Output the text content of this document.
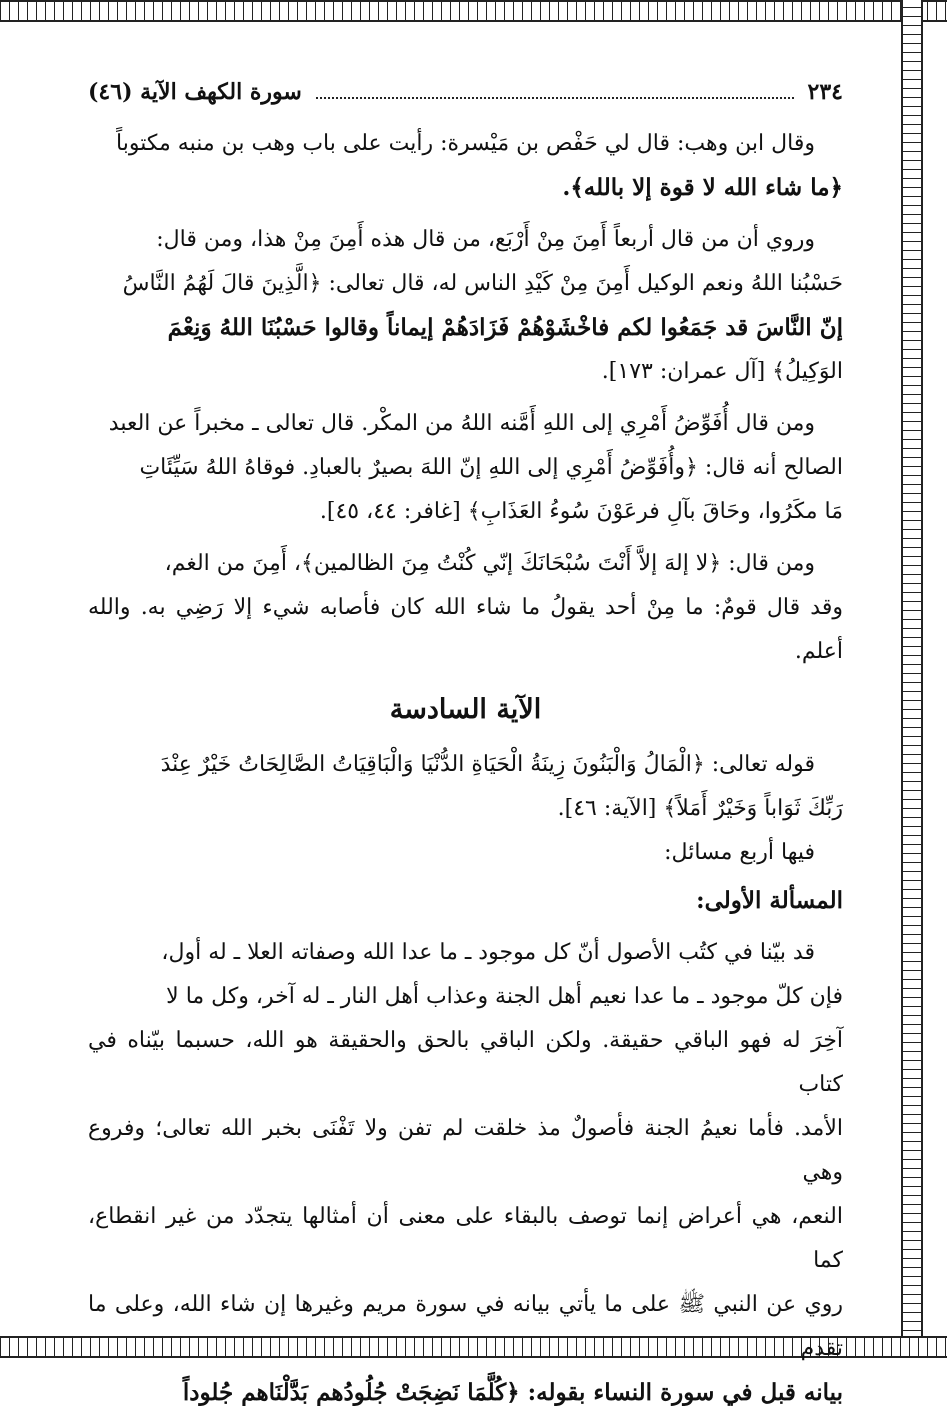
٢٣٤
سورة الكهف الآية (٤٦)

وقال ابن وهب: قال لي حَفْص بن مَيْسرة: رأيت على باب وهب بن منبه مكتوباً

﴿ما شاء الله لا قوة إلا بالله﴾.

وروي أن من قال أربعاً أَمِنَ مِنْ أَرْبَع، من قال هذه أَمِنَ مِنْ هذا، ومن قال:

حَسْبُنا اللهُ ونعم الوكيل أَمِنَ مِنْ كَيْدِ الناس له، قال تعالى: ﴿الَّذِينَ قالَ لَهُمُ النَّاسُ

إنّ النَّاسَ قد جَمَعُوا لكم فاخْشَوْهُمْ فَزَادَهُمْ إيماناً وقالوا حَسْبُنَا اللهُ وَنِعْمَ

الوَكِيلُ﴾ [آل عمران: ١٧٣].

ومن قال أُفَوِّضُ أَمْرِي إلى اللهِ أَمَّنه اللهُ من المكْر. قال تعالى ـ مخبراً عن العبد

الصالح أنه قال: ﴿وأُفَوِّضُ أَمْرِي إلى اللهِ إنّ اللهَ بصيرٌ بالعبادِ. فوقاهُ اللهُ سَيِّئَاتِ

مَا مكَرُوا، وحَاقَ بآلِ فرعَوْنَ سُوءُ العَذَابِ﴾ [غافر: ٤٤، ٤٥].

ومن قال: ﴿لا إلهَ إلاَّ أَنْتَ سُبْحَانَكَ إنّي كُنْتُ مِنَ الظالمين﴾، أَمِنَ من الغم،

وقد قال قومٌ: ما مِنْ أحد يقولُ ما شاء الله كان فأصابه شيء إلا رَضِي به. والله أعلم.

الآية السادسة

قوله تعالى: ﴿الْمَالُ وَالْبَنُونَ زِينَةُ الْحَيَاةِ الدُّنْيَا وَالْبَاقِيَاتُ الصَّالِحَاتُ خَيْرٌ عِنْدَ

رَبِّكَ ثَوَاباً وَخَيْرٌ أَمَلاً﴾ [الآية: ٤٦].

فيها أربع مسائل:

المسألة الأولى:

قد بيّنا في كتُب الأصول أنّ كل موجود ـ ما عدا الله وصفاته العلا ـ له أول،

فإن كلّ موجود ـ ما عدا نعيم أهل الجنة وعذاب أهل النار ـ له آخر، وكل ما لا

آخِرَ له فهو الباقي حقيقة. ولكن الباقي بالحق والحقيقة هو الله، حسبما بيّناه في كتاب

الأمد. فأما نعيمُ الجنة فأصولٌ مذ خلقت لم تفن ولا تَفْنَى بخبر الله تعالى؛ وفروع وهي

النعم، هي أعراض إنما توصف بالبقاء على معنى أن أمثالها يتجدّد من غير انقطاع، كما

روي عن النبي ﷺ على ما يأتي بيانه في سورة مريم وغيرها إن شاء الله، وعلى ما تقدم

بيانه قبل في سورة النساء بقوله: ﴿كُلَّمَا نَضِجَتْ جُلُودُهم بَدَّلْنَاهم جُلوداً
